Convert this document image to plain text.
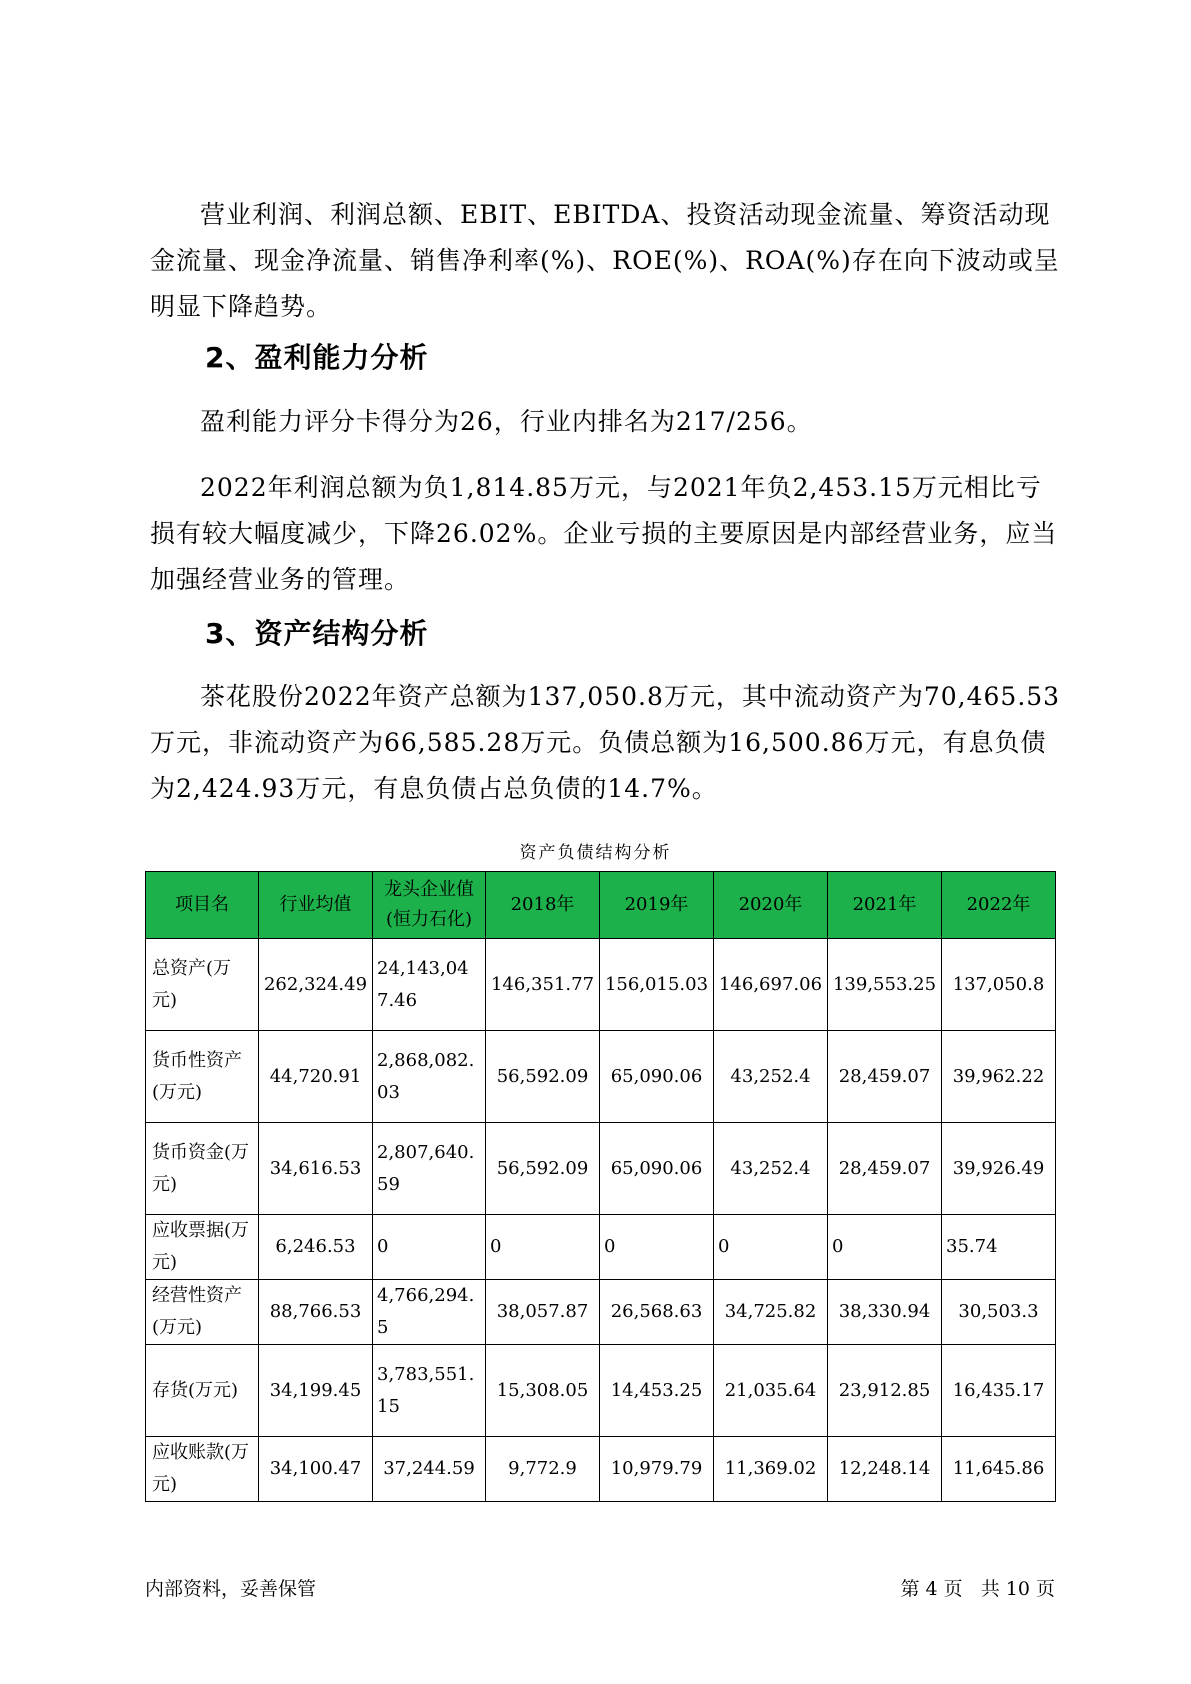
营业利润、利润总额、EBIT、EBITDA、投资活动现金流量、筹资活动现金流量、现金净流量、销售净利率(%)、ROE(%)、ROA(%)存在向下波动或呈明显下降趋势。

2、盈利能力分析

盈利能力评分卡得分为26，行业内排名为217/256。

2022年利润总额为负1,814.85万元，与2021年负2,453.15万元相比亏损有较大幅度减少，下降26.02%。企业亏损的主要原因是内部经营业务，应当加强经营业务的管理。

3、资产结构分析

茶花股份2022年资产总额为137,050.8万元，其中流动资产为70,465.53万元，非流动资产为66,585.28万元。负债总额为16,500.86万元，有息负债为2,424.93万元，有息负债占总负债的14.7%。

资产负债结构分析
项目名	行业均值	龙头企业值(恒力石化)	2018年	2019年	2020年	2021年	2022年
总资产(万元)	262,324.49	24,143,047.46	146,351.77	156,015.03	146,697.06	139,553.25	137,050.8
货币性资产(万元)	44,720.91	2,868,082.03	56,592.09	65,090.06	43,252.4	28,459.07	39,962.22
货币资金(万元)	34,616.53	2,807,640.59	56,592.09	65,090.06	43,252.4	28,459.07	39,926.49
应收票据(万元)	6,246.53	0	0	0	0	0	35.74
经营性资产(万元)	88,766.53	4,766,294.5	38,057.87	26,568.63	34,725.82	38,330.94	30,503.3
存货(万元)	34,199.45	3,783,551.15	15,308.05	14,453.25	21,035.64	23,912.85	16,435.17
应收账款(万元)	34,100.47	37,244.59	9,772.9	10,979.79	11,369.02	12,248.14	11,645.86
内部资料，妥善保管	第 4 页   共 10 页
